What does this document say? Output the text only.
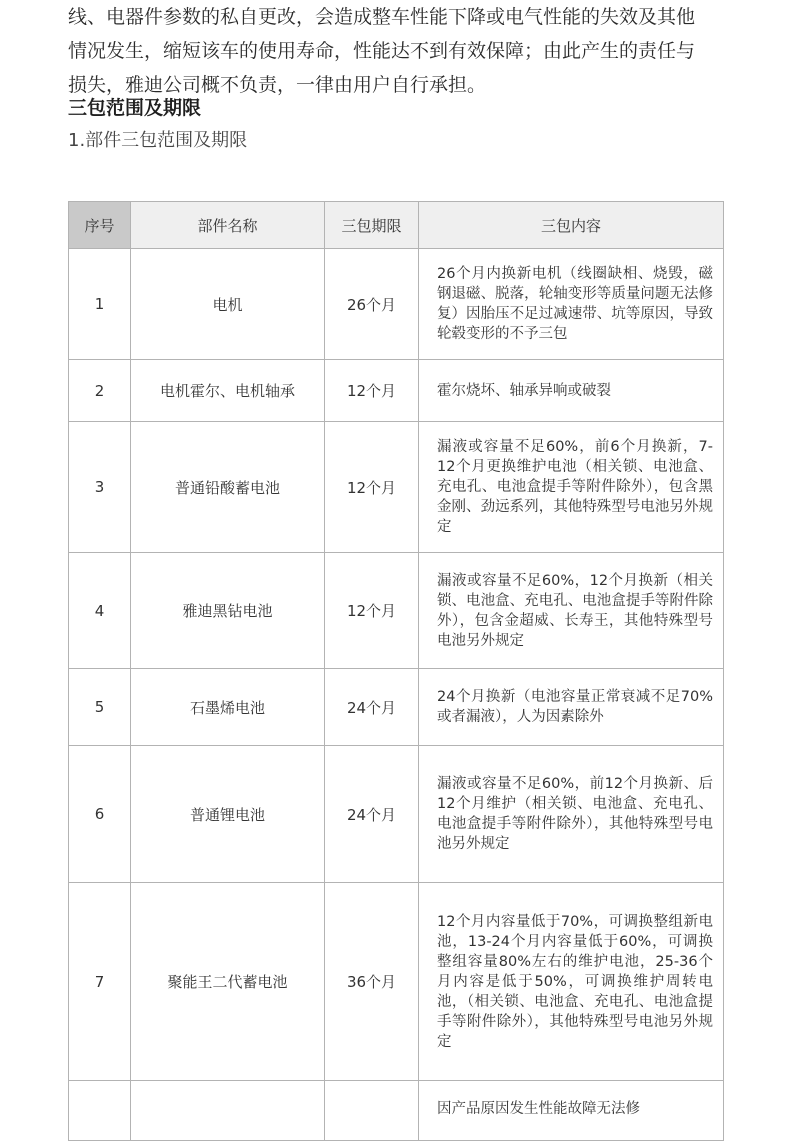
线、电器件参数的私自更改，会造成整车性能下降或电气性能的失效及其他

情况发生，缩短该车的使用寿命，性能达不到有效保障；由此产生的责任与

损失，雅迪公司概不负责，一律由用户自行承担。

三包范围及期限
1.部件三包范围及期限
序号	部件名称	三包期限	三包内容
1	电机	26个月	26个月内换新电机（线圈缺相、烧毁，磁钢退磁、脱落，轮轴变形等质量问题无法修复）因胎压不足过减速带、坑等原因，导致轮毂变形的不予三包
2	电机霍尔、电机轴承	12个月	霍尔烧坏、轴承异响或破裂
3	普通铅酸蓄电池	12个月	漏液或容量不足60%，前6个月换新，7-12个月更换维护电池（相关锁、电池盒、充电孔、电池盒提手等附件除外），包含黑金刚、劲远系列，其他特殊型号电池另外规定
4	雅迪黑钻电池	12个月	漏液或容量不足60%，12个月换新（相关锁、电池盒、充电孔、电池盒提手等附件除外），包含金超威、长寿王，其他特殊型号电池另外规定
5	石墨烯电池	24个月	24个月换新（电池容量正常衰减不足70%或者漏液），人为因素除外
6	普通锂电池	24个月	漏液或容量不足60%，前12个月换新、后12个月维护（相关锁、电池盒、充电孔、电池盒提手等附件除外），其他特殊型号电池另外规定
7	聚能王二代蓄电池	36个月	12个月内容量低于70%，可调换整组新电池，13-24个月内容量低于60%，可调换整组容量80%左右的维护电池，25-36个月内容是低于50%，可调换维护周转电池，（相关锁、电池盒、充电孔、电池盒提手等附件除外），其他特殊型号电池另外规定
			因产品原因发生性能故障无法修
